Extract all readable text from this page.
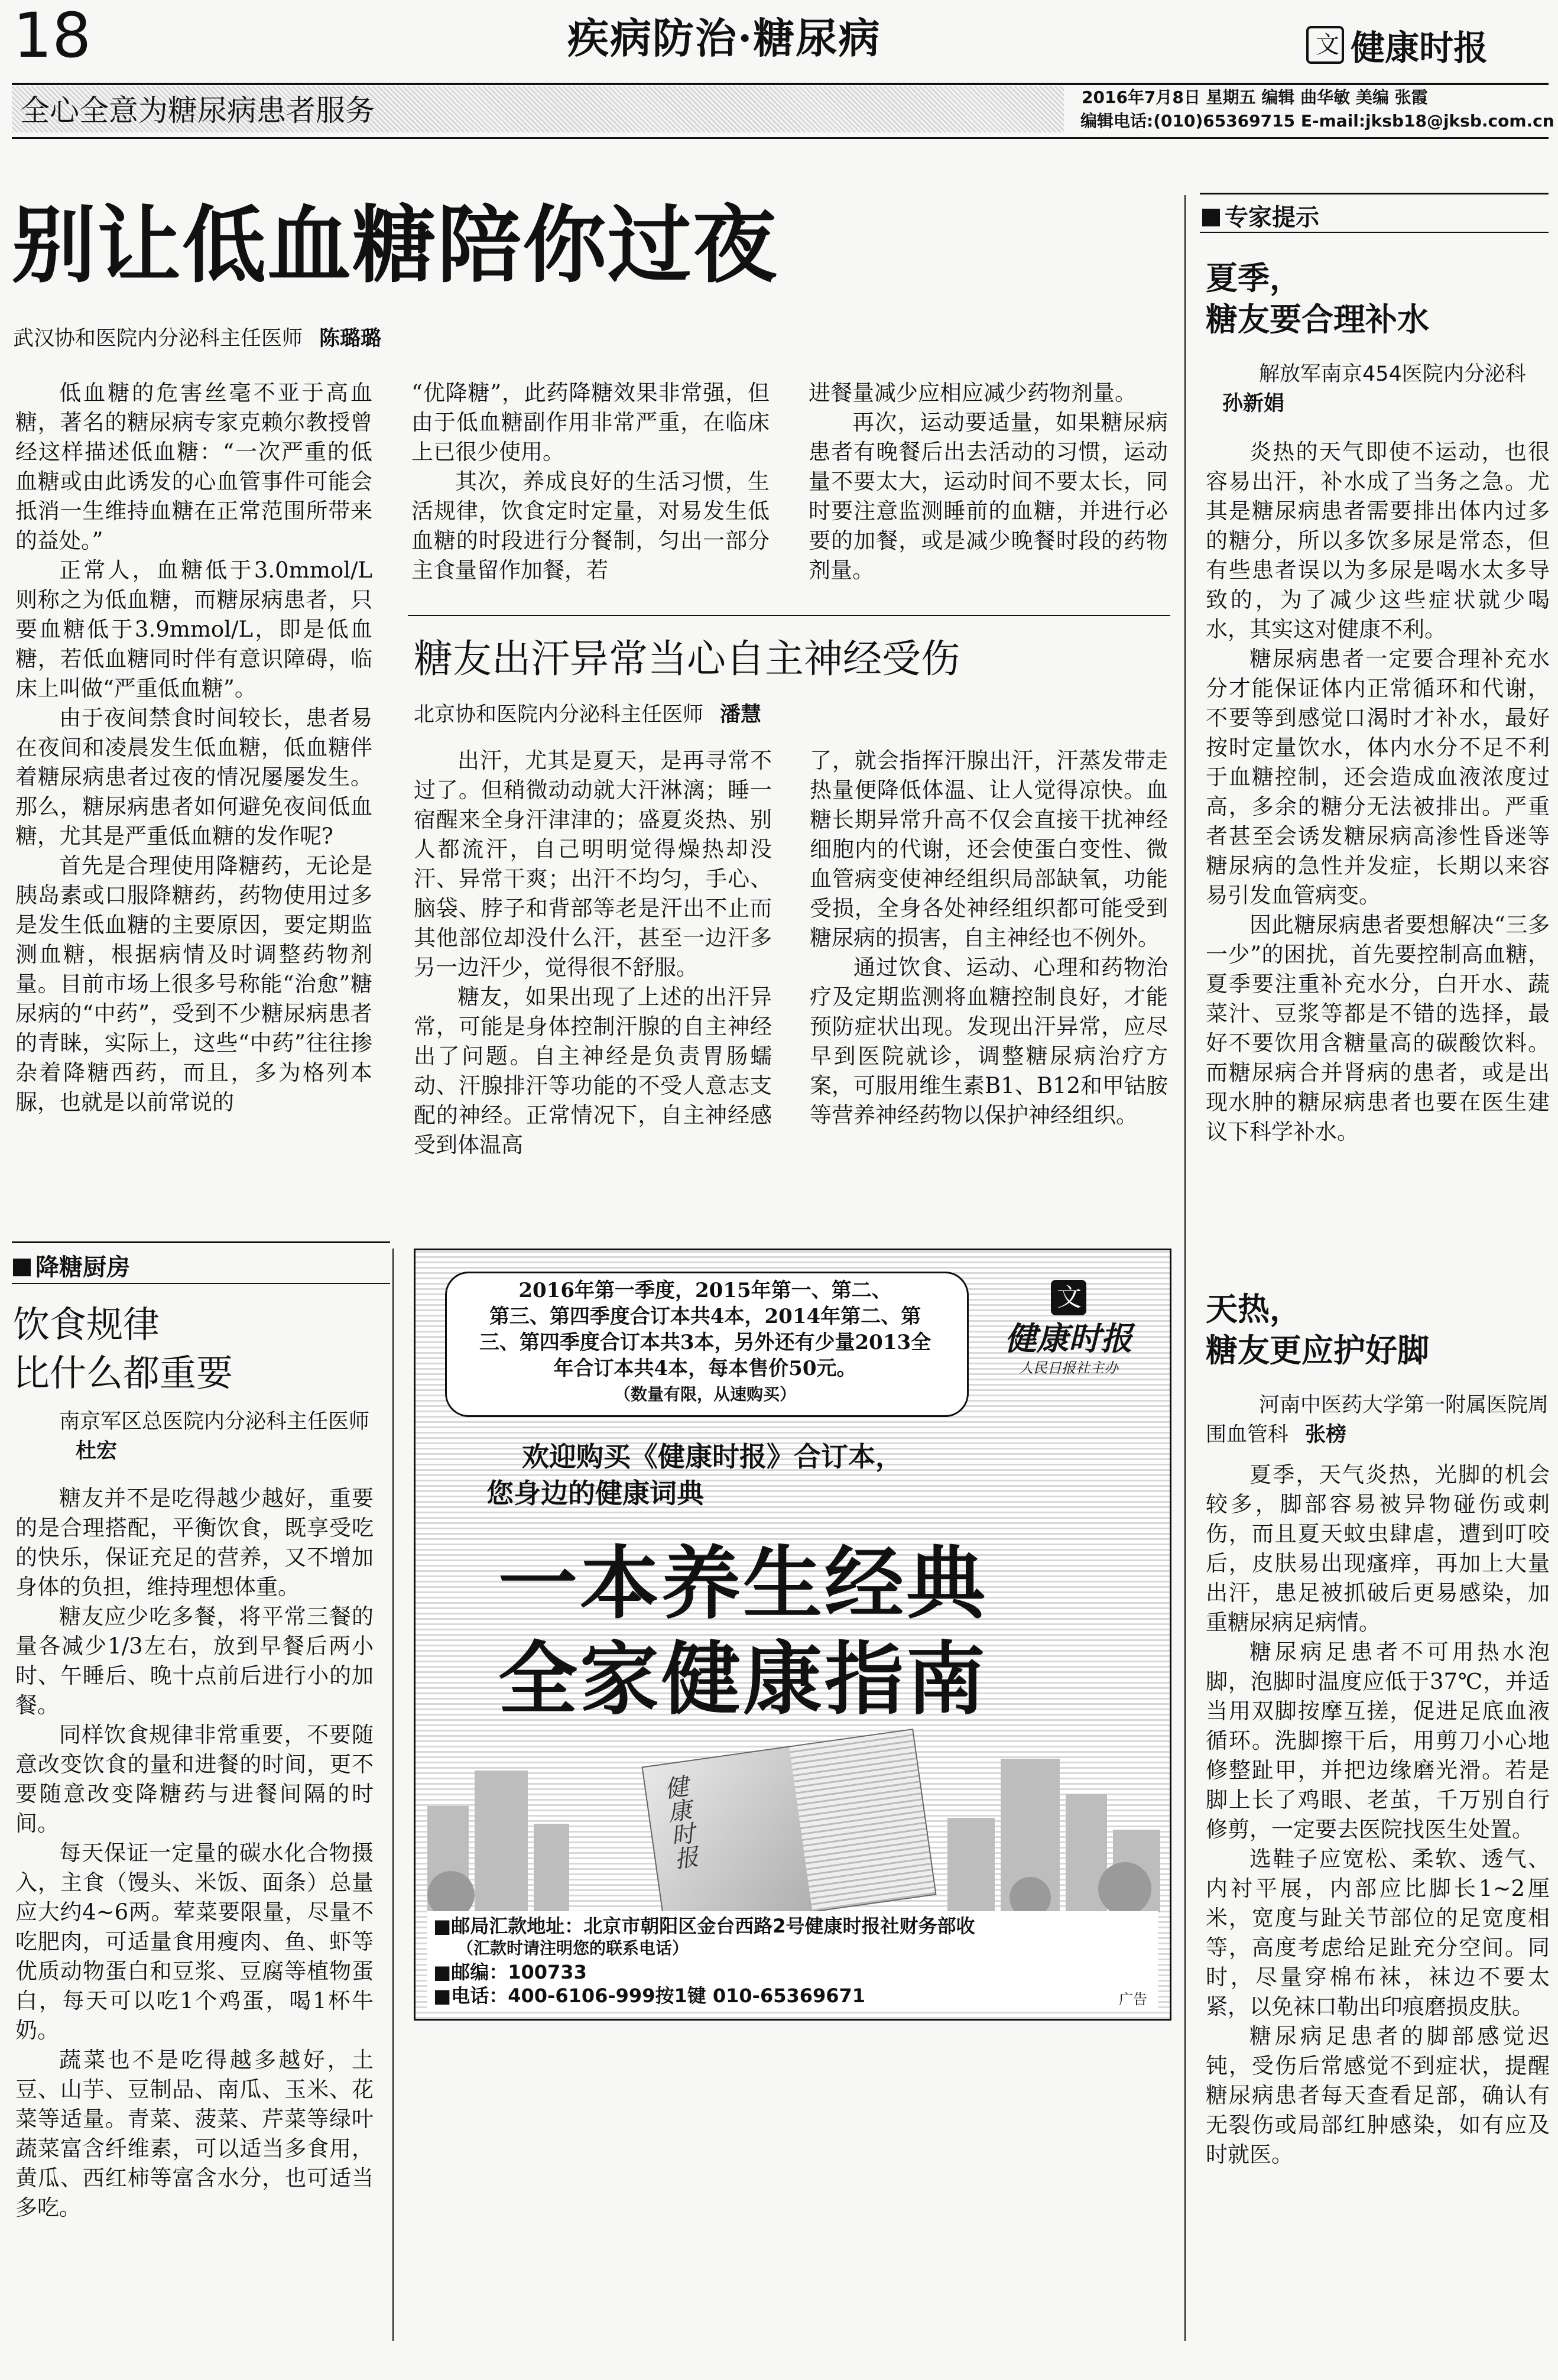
18	疾病防治·糖尿病	文 健康时报
全心全意为糖尿病患者服务	2016年7月8日 星期五 编辑 曲华敏 美编 张霞
编辑电话:(010)65369715 E-mail:jksb18@jksb.com.cn
别让低血糖陪你过夜
武汉协和医院内分泌科主任医师 陈璐璐

低血糖的危害丝毫不亚于高血糖，著名的糖尿病专家克赖尔教授曾经这样描述低血糖：“一次严重的低血糖或由此诱发的心血管事件可能会抵消一生维持血糖在正常范围所带来的益处。”

正常人，血糖低于3.0mmol/L则称之为低血糖，而糖尿病患者，只要血糖低于3.9mmol/L，即是低血糖，若低血糖同时伴有意识障碍，临床上叫做“严重低血糖”。

由于夜间禁食时间较长，患者易在夜间和凌晨发生低血糖，低血糖伴着糖尿病患者过夜的情况屡屡发生。那么，糖尿病患者如何避免夜间低血糖，尤其是严重低血糖的发作呢?

首先是合理使用降糖药，无论是胰岛素或口服降糖药，药物使用过多是发生低血糖的主要原因，要定期监测血糖，根据病情及时调整药物剂量。目前市场上很多号称能“治愈”糖尿病的“中药”，受到不少糖尿病患者的青睐，实际上，这些“中药”往往掺杂着降糖西药，而且，多为格列本脲，也就是以前常说的

“优降糖”，此药降糖效果非常强，但由于低血糖副作用非常严重，在临床上已很少使用。

其次，养成良好的生活习惯，生活规律，饮食定时定量，对易发生低血糖的时段进行分餐制，匀出一部分主食量留作加餐，若

进餐量减少应相应减少药物剂量。

再次，运动要适量，如果糖尿病患者有晚餐后出去活动的习惯，运动量不要太大，运动时间不要太长，同时要注意监测睡前的血糖，并进行必要的加餐，或是减少晚餐时段的药物剂量。

糖友出汗异常当心自主神经受伤
北京协和医院内分泌科主任医师 潘慧

出汗，尤其是夏天，是再寻常不过了。但稍微动动就大汗淋漓；睡一宿醒来全身汗津津的；盛夏炎热、别人都流汗，自己明明觉得燥热却没汗、异常干爽；出汗不均匀，手心、脑袋、脖子和背部等老是汗出不止而其他部位却没什么汗，甚至一边汗多另一边汗少，觉得很不舒服。

糖友，如果出现了上述的出汗异常，可能是身体控制汗腺的自主神经出了问题。自主神经是负责胃肠蠕动、汗腺排汗等功能的不受人意志支配的神经。正常情况下，自主神经感受到体温高

了，就会指挥汗腺出汗，汗蒸发带走热量便降低体温、让人觉得凉快。血糖长期异常升高不仅会直接干扰神经细胞内的代谢，还会使蛋白变性、微血管病变使神经组织局部缺氧，功能受损，全身各处神经组织都可能受到糖尿病的损害，自主神经也不例外。

通过饮食、运动、心理和药物治疗及定期监测将血糖控制良好，才能预防症状出现。发现出汗异常，应尽早到医院就诊，调整糖尿病治疗方案，可服用维生素B1、B12和甲钴胺等营养神经药物以保护神经组织。

降糖厨房
饮食规律
比什么都重要
南京军区总医院内分泌科主任医师杜宏

糖友并不是吃得越少越好，重要的是合理搭配，平衡饮食，既享受吃的快乐，保证充足的营养，又不增加身体的负担，维持理想体重。

糖友应少吃多餐，将平常三餐的量各减少1/3左右，放到早餐后两小时、午睡后、晚十点前后进行小的加餐。

同样饮食规律非常重要，不要随意改变饮食的量和进餐的时间，更不要随意改变降糖药与进餐间隔的时间。

每天保证一定量的碳水化合物摄入，主食（馒头、米饭、面条）总量应大约4~6两。荤菜要限量，尽量不吃肥肉，可适量食用瘦肉、鱼、虾等优质动物蛋白和豆浆、豆腐等植物蛋白，每天可以吃1个鸡蛋，喝1杯牛奶。

蔬菜也不是吃得越多越好，土豆、山芋、豆制品、南瓜、玉米、花菜等适量。青菜、菠菜、芹菜等绿叶蔬菜富含纤维素，可以适当多食用，黄瓜、西红柿等富含水分，也可适当多吃。

专家提示
夏季，
糖友要合理补水
解放军南京454医院内分泌科孙新娟

炎热的天气即使不运动，也很容易出汗，补水成了当务之急。尤其是糖尿病患者需要排出体内过多的糖分，所以多饮多尿是常态，但有些患者误以为多尿是喝水太多导致的，为了减少这些症状就少喝水，其实这对健康不利。

糖尿病患者一定要合理补充水分才能保证体内正常循环和代谢，不要等到感觉口渴时才补水，最好按时定量饮水，体内水分不足不利于血糖控制，还会造成血液浓度过高，多余的糖分无法被排出。严重者甚至会诱发糖尿病高渗性昏迷等糖尿病的急性并发症，长期以来容易引发血管病变。

因此糖尿病患者要想解决“三多一少”的困扰，首先要控制高血糖，夏季要注重补充水分，白开水、蔬菜汁、豆浆等都是不错的选择，最好不要饮用含糖量高的碳酸饮料。而糖尿病合并肾病的患者，或是出现水肿的糖尿病患者也要在医生建议下科学补水。

天热，
糖友更应护好脚
河南中医药大学第一附属医院周围血管科 张榜

夏季，天气炎热，光脚的机会较多，脚部容易被异物碰伤或刺伤，而且夏天蚊虫肆虐，遭到叮咬后，皮肤易出现瘙痒，再加上大量出汗，患足被抓破后更易感染，加重糖尿病足病情。

糖尿病足患者不可用热水泡脚，泡脚时温度应低于37℃，并适当用双脚按摩互搓，促进足底血液循环。洗脚擦干后，用剪刀小心地修整趾甲，并把边缘磨光滑。若是脚上长了鸡眼、老茧，千万别自行修剪，一定要去医院找医生处置。

选鞋子应宽松、柔软、透气、内衬平展，内部应比脚长1~2厘米，宽度与趾关节部位的足宽度相等，高度考虑给足趾充分空间。同时，尽量穿棉布袜，袜边不要太紧，以免袜口勒出印痕磨损皮肤。

糖尿病足患者的脚部感觉迟钝，受伤后常感觉不到症状，提醒糖尿病患者每天查看足部，确认有无裂伤或局部红肿感染，如有应及时就医。

2016年第一季度，2015年第一、第二、
第三、第四季度合订本共4本，2014年第二、第
三、第四季度合订本共3本，另外还有少量2013全
年合订本共4本，每本售价50元。
（数量有限，从速购买）
文
健康时报
人民日报社主办
欢迎购买《健康时报》合订本，
您身边的健康词典
一本养生经典
全家健康指南
健康时报
■邮局汇款地址：北京市朝阳区金台西路2号健康时报社财务部收
（汇款时请注明您的联系电话）
■邮编：100733
■电话：400-6106-999按1键 010-65369671	广告
